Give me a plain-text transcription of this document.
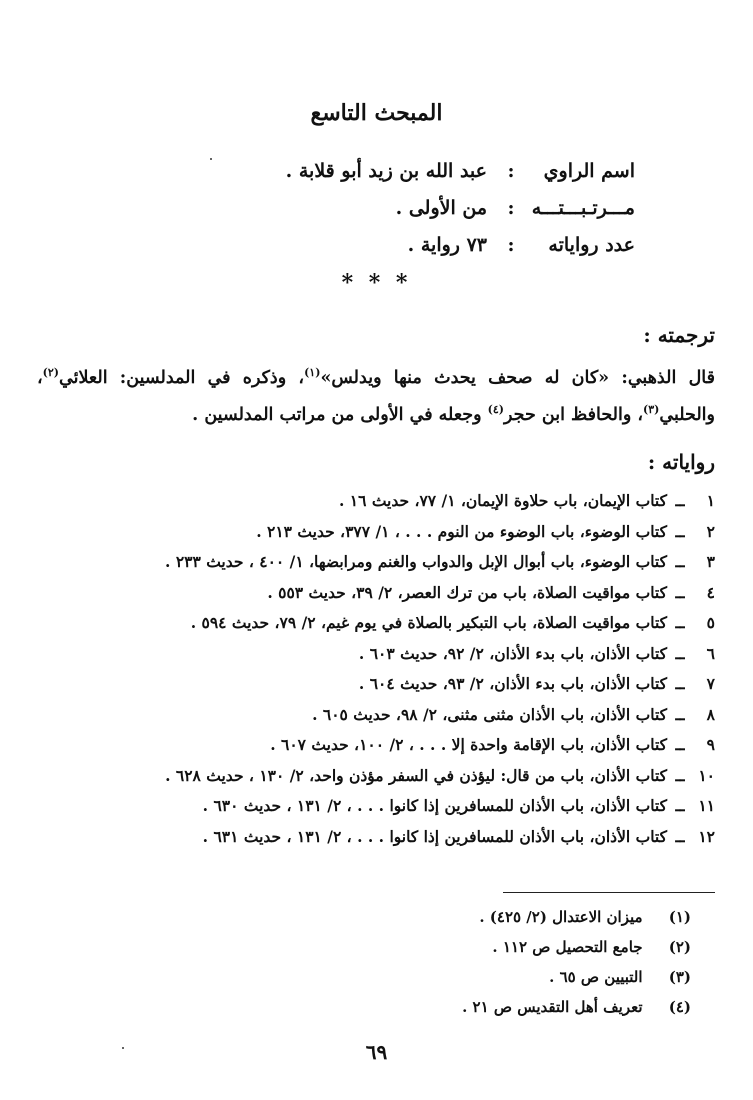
المبحث التاسع
اسم الراوي
:
عبد الله بن زيد أبو قلابة .
مـــرتـبـــتـــه
:
من الأولى .
عدد رواياته
:
٧٣ رواية .
* * *
ترجمته :

قال الذهبي: «كان له صحف يحدث منها ويدلس»$^{(١)}$، وذكره في المدلسين: العلائي$^{(٢)}$، والحلبي$^{(٣)}$، والحافظ ابن حجر$^{(٤)}$ وجعله في الأولى من مراتب المدلسين .

رواياته :
١
ــ
كتاب الإيمان، باب حلاوة الإيمان، ١/ ٧٧، حديث ١٦ .
٢
ــ
كتاب الوضوء، باب الوضوء من النوم . . . ، ١/ ٣٧٧، حديث ٢١٣ .
٣
ــ
كتاب الوضوء، باب أبوال الإبل والدواب والغنم ومرابضها، ١/ ٤٠٠ ، حديث ٢٣٣ .
٤
ــ
كتاب مواقيت الصلاة، باب من ترك العصر، ٢/ ٣٩، حديث ٥٥٣ .
٥
ــ
كتاب مواقيت الصلاة، باب التبكير بالصلاة في يوم غيم، ٢/ ٧٩، حديث ٥٩٤ .
٦
ــ
كتاب الأذان، باب بدء الأذان، ٢/ ٩٢، حديث ٦٠٣ .
٧
ــ
كتاب الأذان، باب بدء الأذان، ٢/ ٩٣، حديث ٦٠٤ .
٨
ــ
كتاب الأذان، باب الأذان مثنى مثنى، ٢/ ٩٨، حديث ٦٠٥ .
٩
ــ
كتاب الأذان، باب الإقامة واحدة إلا . . . ، ٢/ ١٠٠، حديث ٦٠٧ .
١٠
ــ
كتاب الأذان، باب من قال: ليؤذن في السفر مؤذن واحد، ٢/ ١٣٠ ، حديث ٦٢٨ .
١١
ــ
كتاب الأذان، باب الأذان للمسافرين إذا كانوا . . . ، ٢/ ١٣١ ، حديث ٦٣٠ .
١٢
ــ
كتاب الأذان، باب الأذان للمسافرين إذا كانوا . . . ، ٢/ ١٣١ ، حديث ٦٣١ .
(١)  ميزان الاعتدال (٢/ ٤٢٥) .
(٢)  جامع التحصيل ص ١١٢ .
(٣)  التبيين ص ٦٥ .
(٤)  تعريف أهل التقديس ص ٢١ .
٦٩
